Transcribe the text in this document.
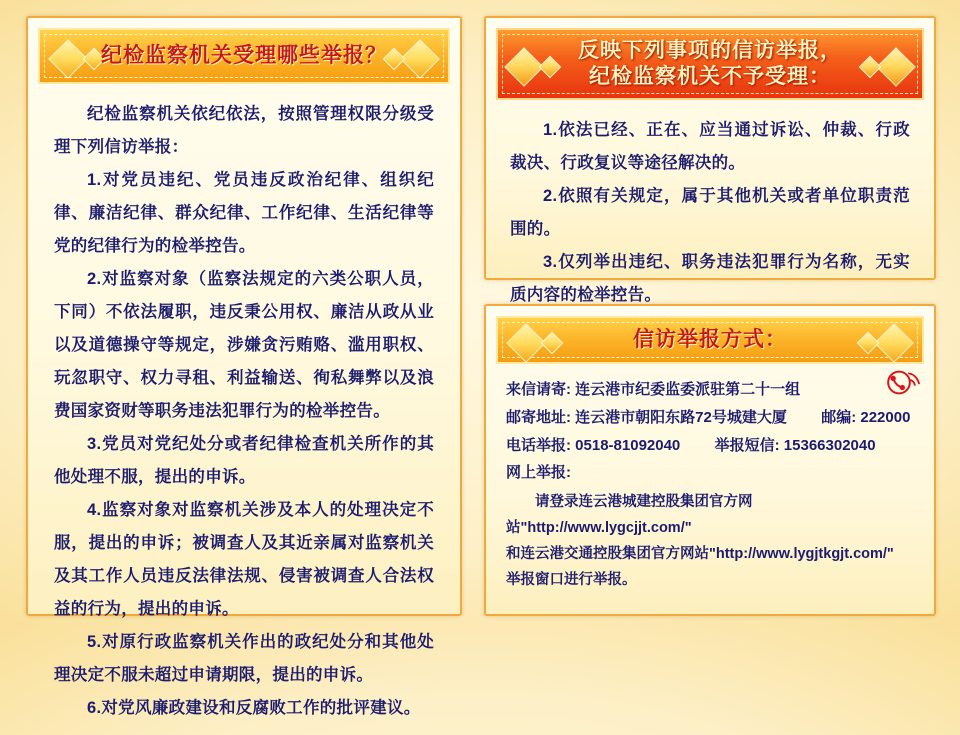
纪检监察机关受理哪些举报？

纪检监察机关依纪依法，按照管理权限分级受理下列信访举报：

1.对党员违纪、党员违反政治纪律、组织纪律、廉洁纪律、群众纪律、工作纪律、生活纪律等党的纪律行为的检举控告。

2.对监察对象（监察法规定的六类公职人员，下同）不依法履职，违反秉公用权、廉洁从政从业以及道德操守等规定，涉嫌贪污贿赂、滥用职权、玩忽职守、权力寻租、利益输送、徇私舞弊以及浪费国家资财等职务违法犯罪行为的检举控告。

3.党员对党纪处分或者纪律检查机关所作的其他处理不服，提出的申诉。

4.监察对象对监察机关涉及本人的处理决定不服，提出的申诉；被调查人及其近亲属对监察机关及其工作人员违反法律法规、侵害被调查人合法权益的行为，提出的申诉。

5.对原行政监察机关作出的政纪处分和其他处理决定不服未超过申请期限，提出的申诉。

6.对党风廉政建设和反腐败工作的批评建议。

反映下列事项的信访举报，
纪检监察机关不予受理：

1.依法已经、正在、应当通过诉讼、仲裁、行政裁决、行政复议等途径解决的。

2.依照有关规定，属于其他机关或者单位职责范围的。

3.仅列举出违纪、职务违法犯罪行为名称，无实质内容的检举控告。

信访举报方式：
来信请寄: 连云港市纪委监委派驻第二十一组
邮寄地址: 连云港市朝阳东路72号城建大厦 邮编: 222000
电话举报: 0518-81092040 举报短信: 15366302040
网上举报:

请登录连云港城建控股集团官方网站"http://www.lygcjjt.com/"

和连云港交通控股集团官方网站"http://www.lygjtkgjt.com/"

举报窗口进行举报。
